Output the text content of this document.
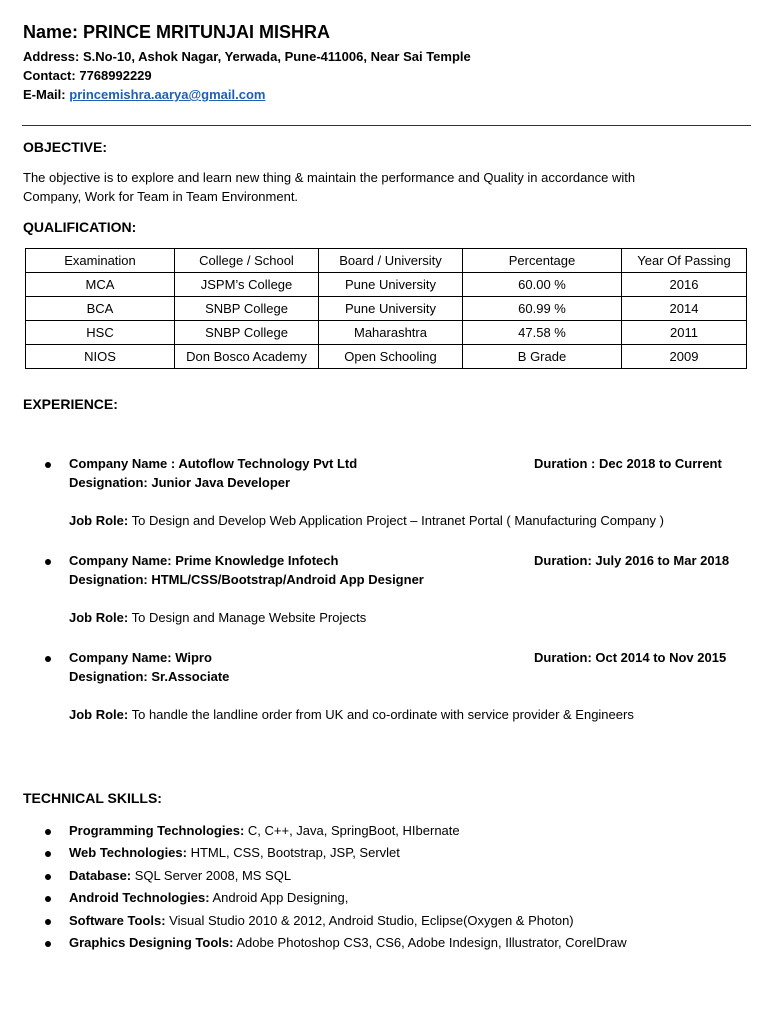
Name: PRINCE MRITUNJAI MISHRA
Address: S.No-10, Ashok Nagar, Yerwada, Pune-411006, Near Sai Temple
Contact: 7768992229
E-Mail: princemishra.aarya@gmail.com
OBJECTIVE:
The objective is to explore and learn new thing & maintain the performance and Quality in accordance with
Company, Work for Team in Team Environment.
QUALIFICATION:
Examination	College / School	Board / University	Percentage	Year Of Passing
MCA	JSPM’s College	Pune University	60.00 %	2016
BCA	SNBP College	Pune University	60.99 %	2014
HSC	SNBP College	Maharashtra	47.58 %	2011
NIOS	Don Bosco Academy	Open Schooling	B Grade	2009
EXPERIENCE:
Company Name : Autoflow Technology Pvt Ltd	Duration : Dec 2018 to Current
Designation: Junior Java Developer
Job Role: To Design and Develop Web Application Project – Intranet Portal ( Manufacturing Company )
Company Name: Prime Knowledge Infotech	Duration: July 2016 to Mar 2018
Designation: HTML/CSS/Bootstrap/Android App Designer
Job Role: To Design and Manage Website Projects
Company Name: Wipro	Duration: Oct 2014 to Nov 2015
Designation: Sr.Associate
Job Role: To handle the landline order from UK and co-ordinate with service provider & Engineers
TECHNICAL SKILLS:
Programming Technologies: C, C++, Java, SpringBoot, HIbernate
Web Technologies: HTML, CSS, Bootstrap, JSP, Servlet
Database: SQL Server 2008, MS SQL
Android Technologies: Android App Designing,
Software Tools: Visual Studio 2010 & 2012, Android Studio, Eclipse(Oxygen & Photon)
Graphics Designing Tools: Adobe Photoshop CS3, CS6, Adobe Indesign, Illustrator, CorelDraw
